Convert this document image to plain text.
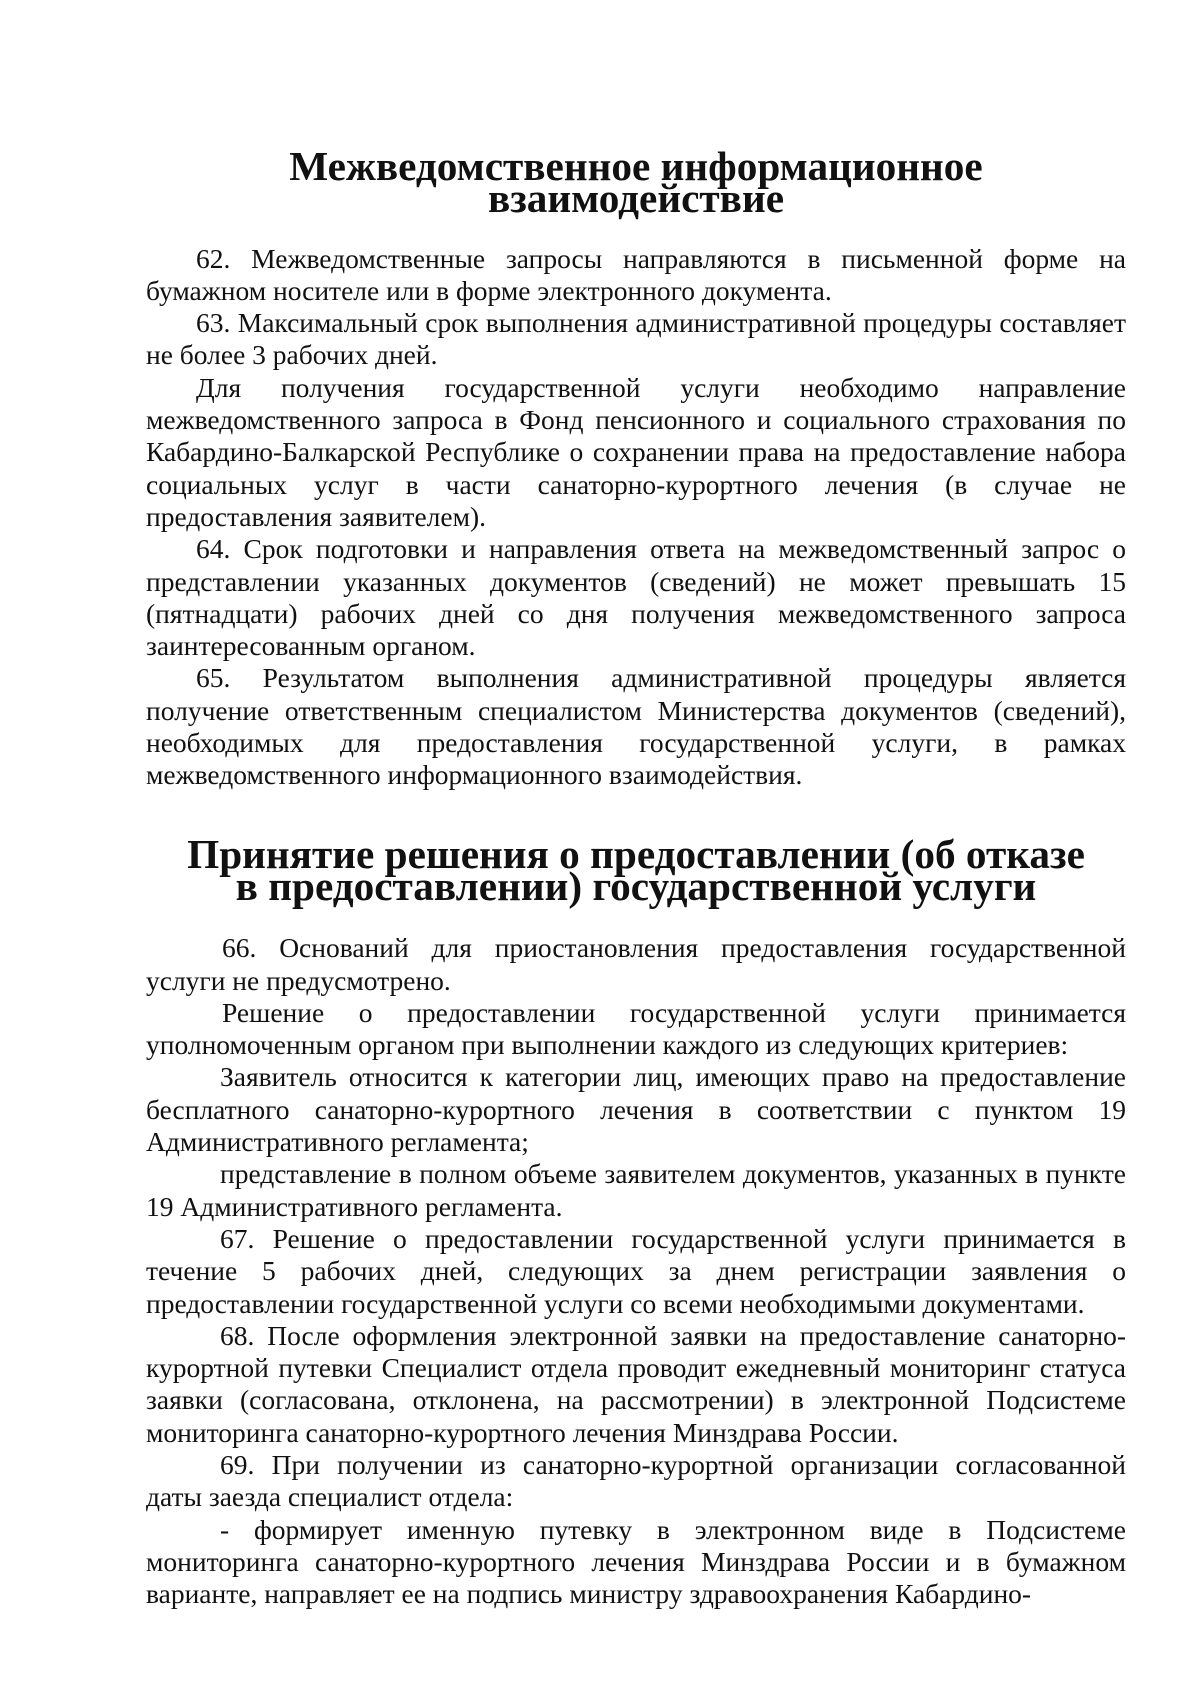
Межведомственное информационное взаимодействие

62. Межведомственные запросы направляются в письменной форме на бумажном носителе или в форме электронного документа.

63. Максимальный срок выполнения административной процедуры составляет не более 3 рабочих дней.

Для получения государственной услуги необходимо направление межведомственного запроса в Фонд пенсионного и социального страхования по Кабардино-Балкарской Республике о сохранении права на предоставление набора социальных услуг в части санаторно-курортного лечения (в случае не предоставления заявителем).

64. Срок подготовки и направления ответа на межведомственный запрос о представлении указанных документов (сведений) не может превышать 15 (пятнадцати) рабочих дней со дня получения межведомственного запроса заинтересованным органом.

65. Результатом выполнения административной процедуры является получение ответственным специалистом Министерства документов (сведений), необходимых для предоставления государственной услуги, в рамках межведомственного информационного взаимодействия.

Принятие решения о предоставлении (об отказе
в предоставлении) государственной услуги

66. Оснований для приостановления предоставления государственной услуги не предусмотрено.

Решение о предоставлении государственной услуги принимается уполномоченным органом при выполнении каждого из следующих критериев:

Заявитель относится к категории лиц, имеющих право на предоставление бесплатного санаторно-курортного лечения в соответствии с пунктом 19 Административного регламента;

представление в полном объеме заявителем документов, указанных в пункте 19 Административного регламента.

67. Решение о предоставлении государственной услуги принимается в течение 5 рабочих дней, следующих за днем регистрации заявления о предоставлении государственной услуги со всеми необходимыми документами.

68. После оформления электронной заявки на предоставление санаторно-курортной путевки Специалист отдела проводит ежедневный мониторинг статуса заявки (согласована, отклонена, на рассмотрении) в электронной Подсистеме мониторинга санаторно-курортного лечения Минздрава России.

69. При получении из санаторно-курортной организации согласованной даты заезда специалист отдела:

- формирует именную путевку в электронном виде в Подсистеме мониторинга санаторно-курортного лечения Минздрава России и в бумажном варианте, направляет ее на подпись министру здравоохранения Кабардино-
